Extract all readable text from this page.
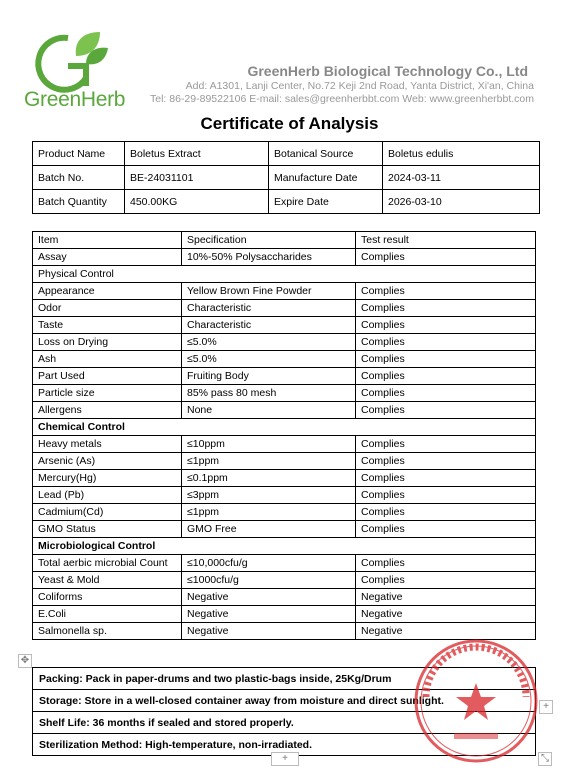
GreenHerb
GreenHerb Biological Technology Co., Ltd
Add: A1301, Lanji Center, No.72 Keji 2nd Road, Yanta District, Xi'an, China
Tel: 86-29-89522106 E-mail: sales@greenherbbt.com Web: www.greenherbbt.com
Certificate of Analysis
Product Name	Boletus Extract	Botanical Source	Boletus edulis
Batch No.	BE-24031101	Manufacture Date	2024-03-11
Batch Quantity	450.00KG	Expire Date	2026-03-10
Item	Specification	Test result
Assay	10%-50% Polysaccharides	Complies
Physical Control		
Appearance	Yellow Brown Fine Powder	Complies
Odor	Characteristic	Complies
Taste	Characteristic	Complies
Loss on Drying	≤5.0%	Complies
Ash	≤5.0%	Complies
Part Used	Fruiting Body	Complies
Particle size	85% pass 80 mesh	Complies
Allergens	None	Complies
Chemical Control		
Heavy metals	≤10ppm	Complies
Arsenic (As)	≤1ppm	Complies
Mercury(Hg)	≤0.1ppm	Complies
Lead (Pb)	≤3ppm	Complies
Cadmium(Cd)	≤1ppm	Complies
GMO Status	GMO Free	Complies
Microbiological Control		
Total aerbic microbial Count	≤10,000cfu/g	Complies
Yeast & Mold	≤1000cfu/g	Complies
Coliforms	Negative	Negative
E.Coli	Negative	Negative
Salmonella sp.	Negative	Negative
✥
Packing: Pack in paper-drums and two plastic-bags inside, 25Kg/Drum
Storage: Store in a well-closed container away from moisture and direct sunlight.
Shelf Life: 36 months if sealed and stored properly.
Sterilization Method: High-temperature, non-irradiated.
+
+	⤡
